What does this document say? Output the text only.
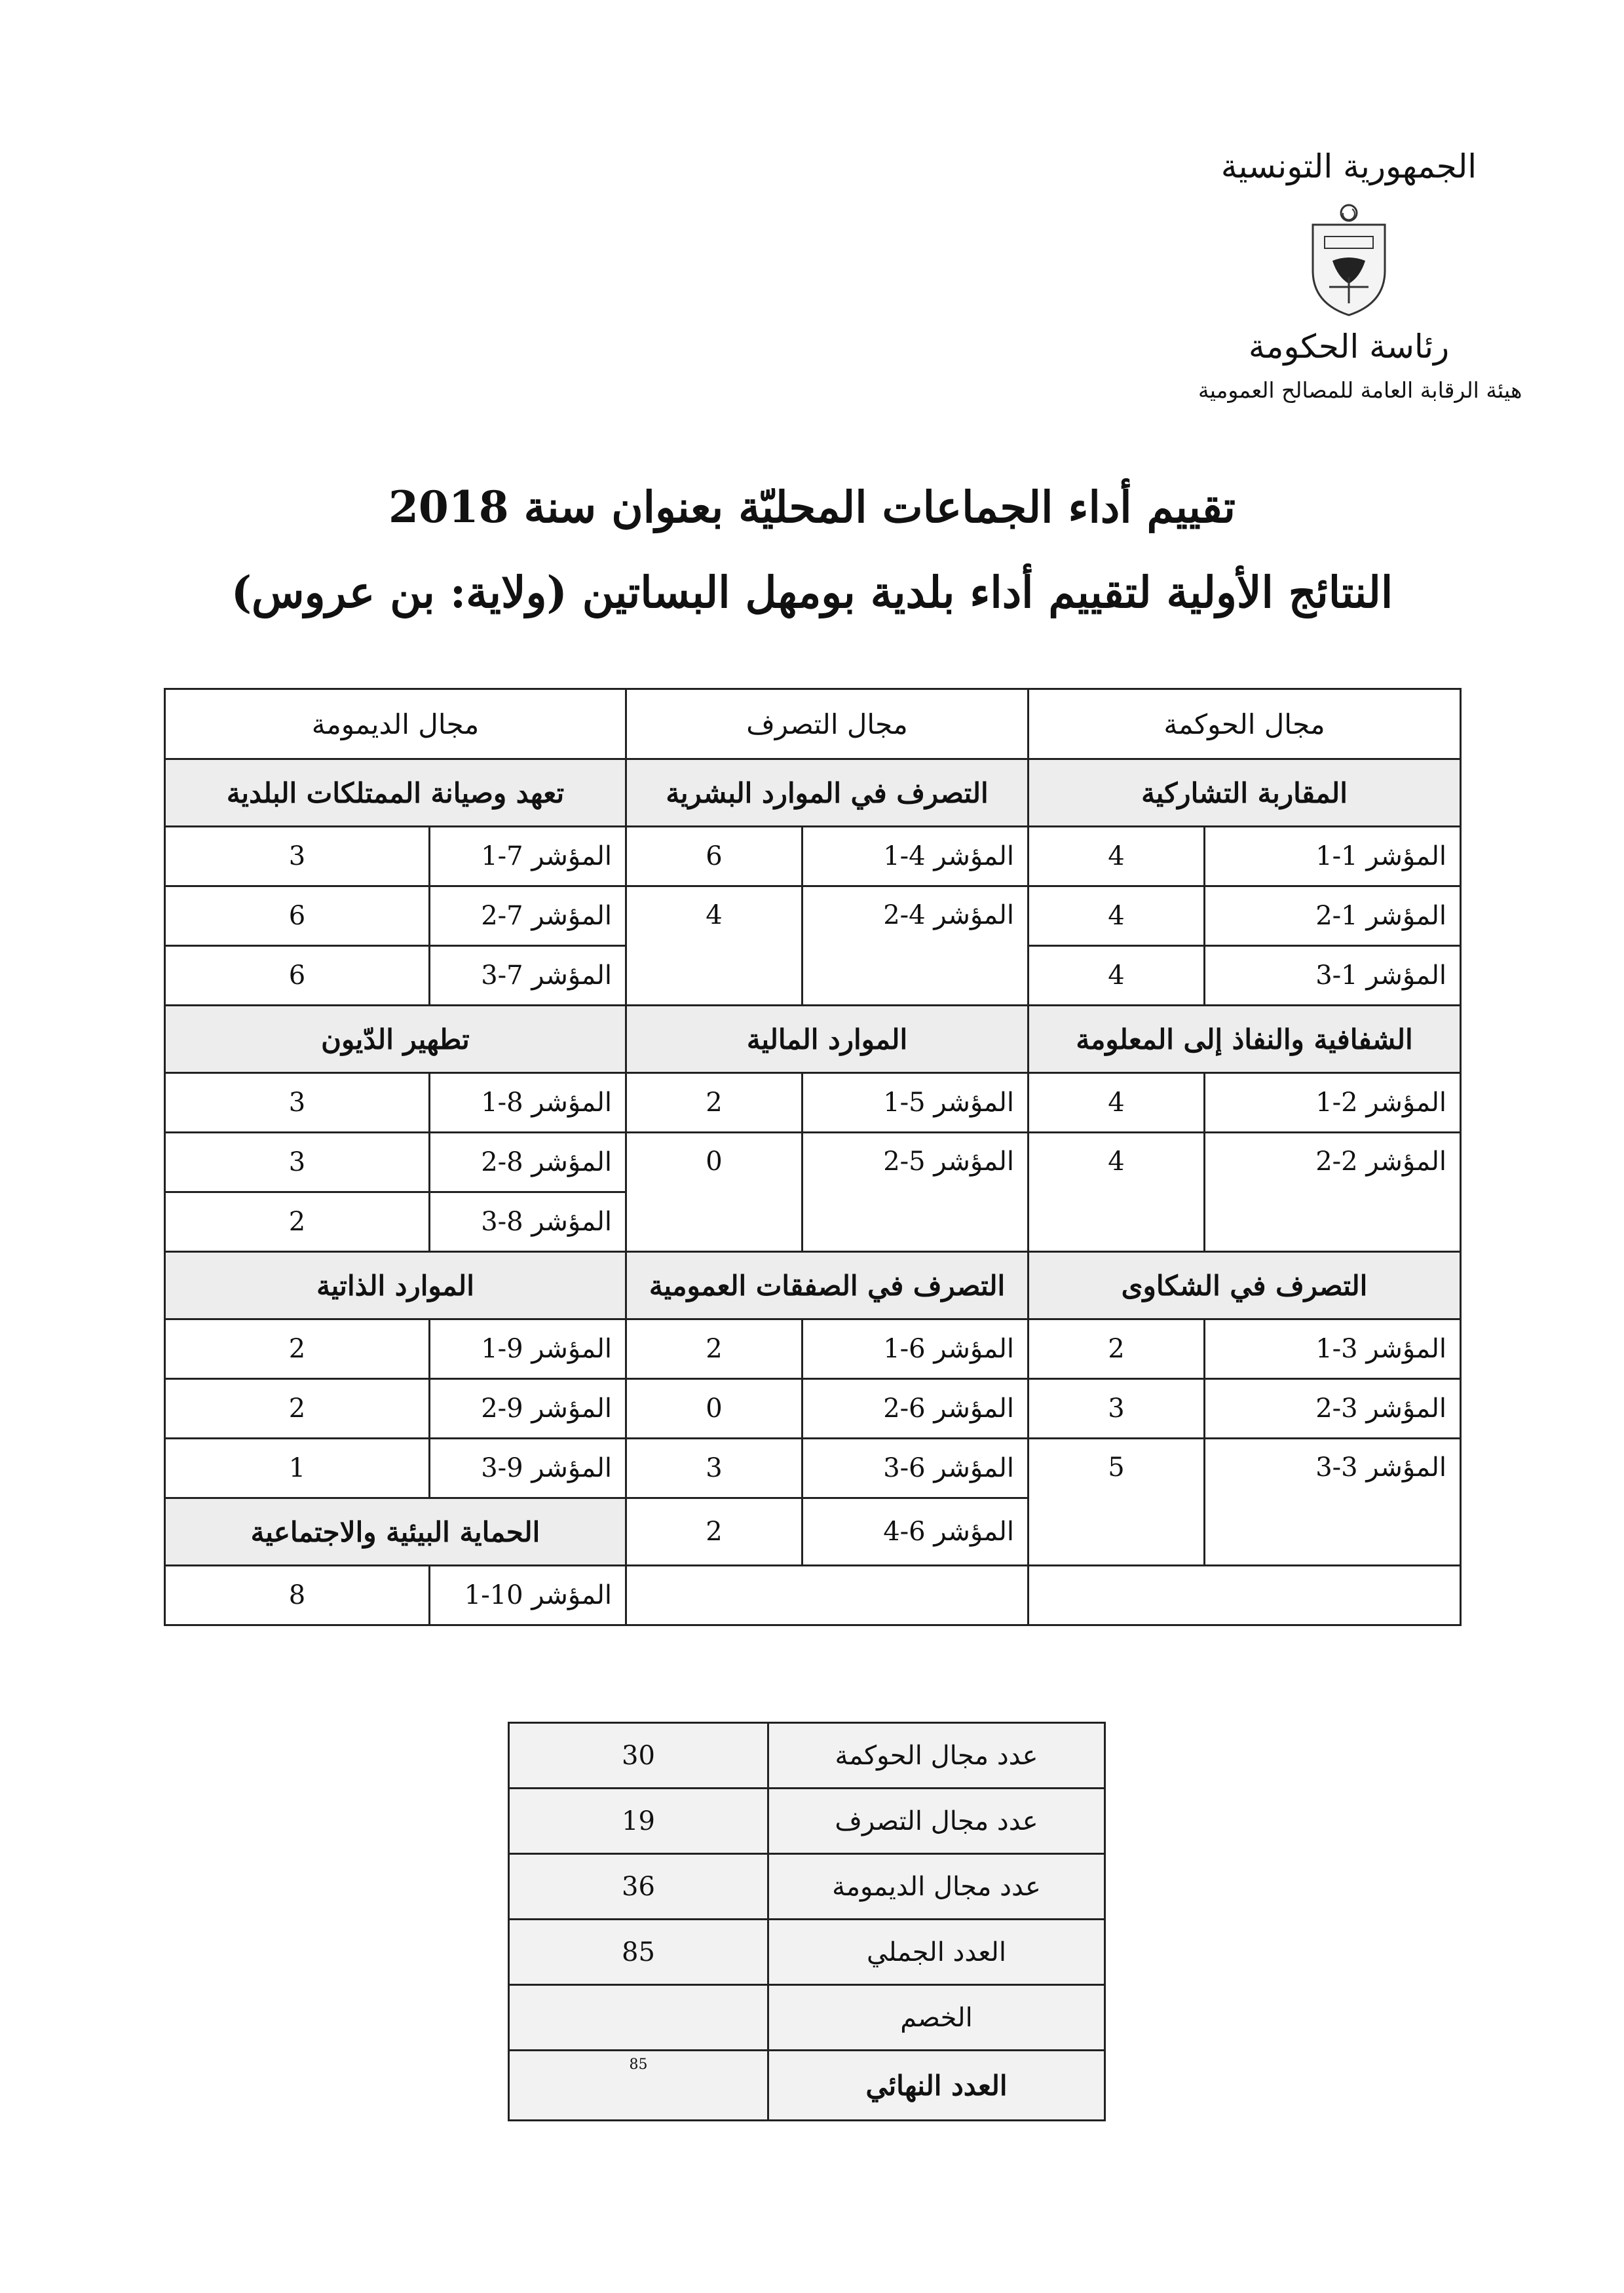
الجمهورية التونسية
رئاسة الحكومة
هيئة الرقابة العامة للمصالح العمومية
تقييم أداء الجماعات المحليّة بعنوان سنة 2018
النتائج الأولية لتقييم أداء بلدية بومهل البساتين (ولاية: بن عروس)
مجال الحوكمة		مجال التصرف		مجال الديمومة	
المقاربة التشاركية		التصرف في الموارد البشرية		تعهد وصيانة الممتلكات البلدية	
المؤشر 1-1	4	المؤشر 4-1	6	المؤشر 7-1	3
المؤشر 1-2	4	المؤشر 4-2	4	المؤشر 7-2	6
المؤشر 1-3	4			المؤشر 7-3	6
الشفافية والنفاذ إلى المعلومة		الموارد المالية		تطهير الدّيون	
المؤشر 2-1	4	المؤشر 5-1	2	المؤشر 8-1	3
المؤشر 2-2	4	المؤشر 5-2	0	المؤشر 8-2	3
				المؤشر 8-3	2
التصرف في الشكاوى		التصرف في الصفقات العمومية		الموارد الذاتية	
المؤشر 3-1	2	المؤشر 6-1	2	المؤشر 9-1	2
المؤشر 3-2	3	المؤشر 6-2	0	المؤشر 9-2	2
المؤشر 3-3	5	المؤشر 6-3	3	المؤشر 9-3	1
		المؤشر 6-4	2	الحماية البيئية والاجتماعية	
				المؤشر 10-1	8
عدد مجال الحوكمة	30
عدد مجال التصرف	19
عدد مجال الديمومة	36
العدد الجملي	85
الخصم	
العدد النهائي	85
